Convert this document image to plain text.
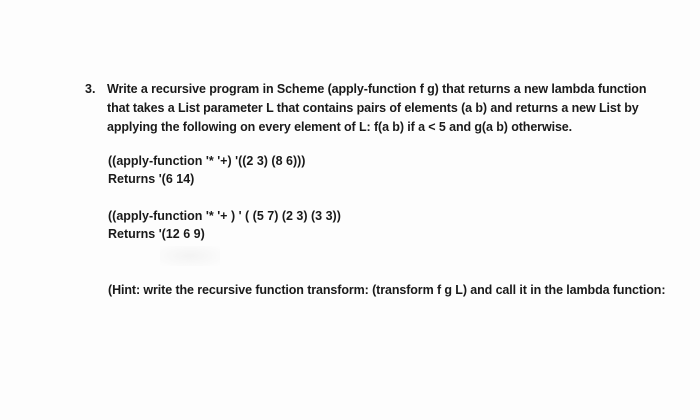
3. Write a recursive program in Scheme (apply-function f g) that returns a new lambda function
that takes a List parameter L that contains pairs of elements (a b) and returns a new List by
applying the following on every element of L: f(a b) if a < 5 and g(a b) otherwise.
((apply-function '* '+) '((2 3) (8 6)))
Returns '(6 14)
((apply-function '* '+ ) ' ( (5 7) (2 3) (3 3))
Returns '(12 6 9)
(Hint: write the recursive function transform: (transform f g L) and call it in the lambda function:
